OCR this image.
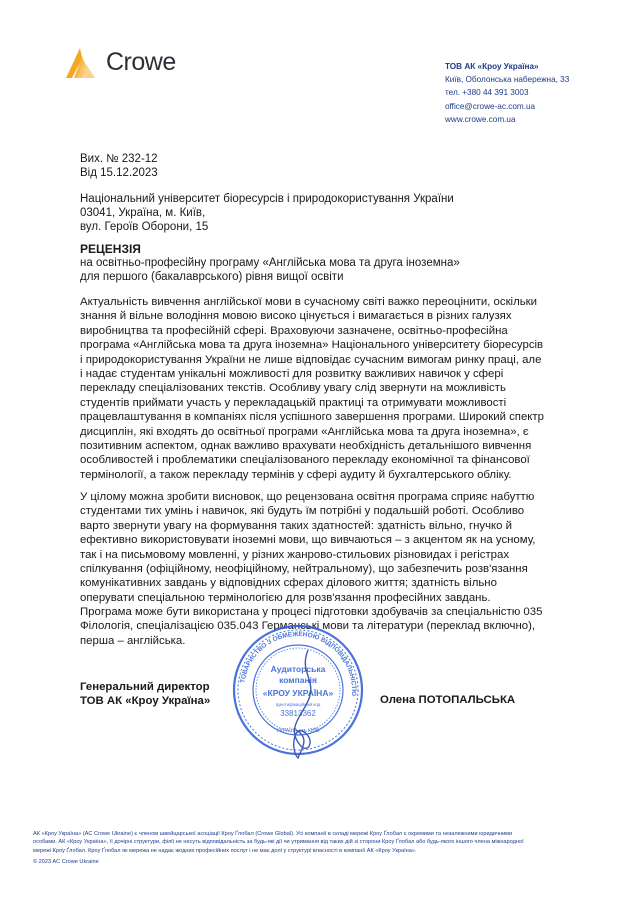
Crowe	ТОВ АК «Кроу Україна»
Київ, Оболонська набережна, 33
тел. +380 44 391 3003
office@crowe-ac.com.ua
www.crowe.com.ua
Вих. № 232-12
Від 15.12.2023
Національний університет біоресурсів і природокористування України
03041, Україна, м. Київ,
вул. Героїв Оборони, 15
РЕЦЕНЗІЯ
на освітньо-професійну програму «Англійська мова та друга іноземна»
для першого (бакалаврського) рівня вищої освіти
Актуальність вивчення англійської мови в сучасному світі важко переоцінити, оскільки
знання й вільне володіння мовою високо цінується і вимагається в різних галузях
виробництва та професійній сфері. Враховуючи зазначене, освітньо-професійна
програма «Англійська мова та друга іноземна» Національного університету біоресурсів
і природокористування України не лише відповідає сучасним вимогам ринку праці, але
і надає студентам унікальні можливості для розвитку важливих навичок у сфері
перекладу спеціалізованих текстів. Особливу увагу слід звернути на можливість
студентів приймати участь у перекладацькій практиці та отримувати можливості
працевлаштування в компаніях після успішного завершення програми. Широкий спектр
дисциплін, які входять до освітньої програми «Англійська мова та друга іноземна», є
позитивним аспектом, однак важливо врахувати необхідність детальнішого вивчення
особливостей і проблематики спеціалізованого перекладу економічної та фінансової
термінології, а також перекладу термінів у сфері аудиту й бухгалтерського обліку.
У цілому можна зробити висновок, що рецензована освітня програма сприяє набуттю
студентами тих умінь і навичок, які будуть їм потрібні у подальшій роботі. Особливо
варто звернути увагу на формування таких здатностей: здатність вільно, гнучко й
ефективно використовувати іноземні мови, що вивчаються – з акцентом як на усному,
так і на письмовому мовленні, у різних жанрово-стильових різновидах і регістрах
спілкування (офіційному, неофіційному, нейтральному), що забезпечить розв'язання
комунікативних завдань у відповідних сферах ділового життя; здатність вільно
оперувати спеціальною термінологією для розв'язання професійних завдань.
Програма може бути використана у процесі підготовки здобувачів за спеціальністю 035
Філологія, спеціалізацією 035.043 Германські мови та літератури (переклад включно),
перша – англійська.
Генеральний директор
ТОВ АК «Кроу Україна»	Олена ПОТОПАЛЬСЬКА
ТОВАРИСТВО З ОБМЕЖЕНОЮ ВІДПОВІДАЛЬНІСТЮ
Аудиторська
компанія
«КРОУ УКРАЇНА»
Ідентифікаційний код
33813362
УКРАЇНА • м. КИЇВ
АК «Кроу Україна» (AC Crowe Ukraine) є членом швейцарської асоціації Кроу Ґлобал (Crowe Global). Усі компанії в складі мережі Кроу Ґлобал є окремими та незалежними юридичними
особами. АК «Кроу Україна», її дочірні структури, філії не несуть відповідальність за будь-які дії чи утримання від таких дій зі сторони Кроу Ґлобал або будь-якого іншого члена міжнародної
мережі Кроу Ґлобал. Кроу Ґлобал як мережа не надає жодних професійних послуг і не має долі у структурі власності в компанії АК «Кроу Україна».
© 2023 AC Crowe Ukraine
